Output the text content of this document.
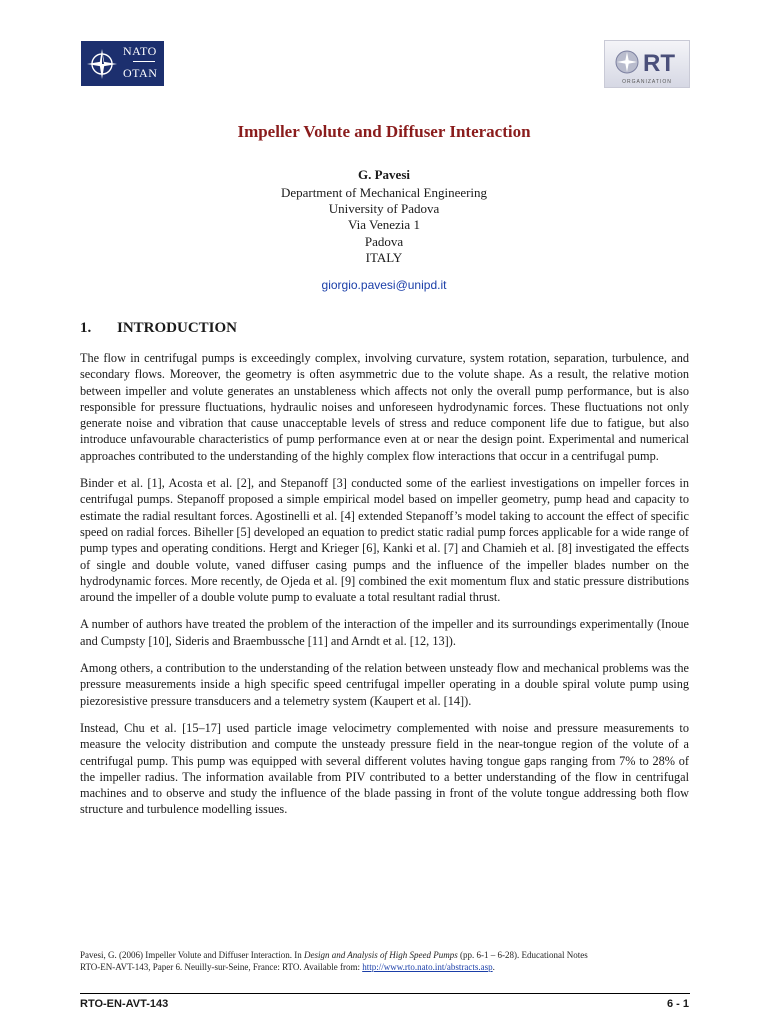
NATO
OTAN	RT
ORGANIZATION
Impeller Volute and Diffuser Interaction
G. Pavesi
Department of Mechanical Engineering
University of Padova
Via Venezia 1
Padova
ITALY
giorgio.pavesi@unipd.it
1. INTRODUCTION

The flow in centrifugal pumps is exceedingly complex, involving curvature, system rotation, separation, turbulence, and secondary flows. Moreover, the geometry is often asymmetric due to the volute shape. As a result, the relative motion between impeller and volute generates an unstableness which affects not only the overall pump performance, but is also responsible for pressure fluctuations, hydraulic noises and unforeseen hydrodynamic forces. These fluctuations not only generate noise and vibration that cause unacceptable levels of stress and reduce component life due to fatigue, but also introduce unfavourable characteristics of pump performance even at or near the design point. Experimental and numerical approaches contributed to the understanding of the highly complex flow interactions that occur in a centrifugal pump.

Binder et al. [1], Acosta et al. [2], and Stepanoff [3] conducted some of the earliest investigations on impeller forces in centrifugal pumps. Stepanoff proposed a simple empirical model based on impeller geometry, pump head and capacity to estimate the radial resultant forces. Agostinelli et al. [4] extended Stepanoff’s model taking to account the effect of specific speed on radial forces. Biheller [5] developed an equation to predict static radial pump forces applicable for a wide range of pump types and operating conditions. Hergt and Krieger [6], Kanki et al. [7] and Chamieh et al. [8] investigated the effects of single and double volute, vaned diffuser casing pumps and the influence of the impeller blades number on the hydrodynamic forces. More recently, de Ojeda et al. [9] combined the exit momentum flux and static pressure distributions around the impeller of a double volute pump to evaluate a total resultant radial thrust.

A number of authors have treated the problem of the interaction of the impeller and its surroundings experimentally (Inoue and Cumpsty [10], Sideris and Braembussche [11] and Arndt et al. [12, 13]).

Among others, a contribution to the understanding of the relation between unsteady flow and mechanical problems was the pressure measurements inside a high specific speed centrifugal impeller operating in a double spiral volute pump using piezoresistive pressure transducers and a telemetry system (Kaupert et al. [14]).

Instead, Chu et al. [15–17] used particle image velocimetry complemented with noise and pressure measurements to measure the velocity distribution and compute the unsteady pressure field in the near-tongue region of the volute of a centrifugal pump. This pump was equipped with several different volutes having tongue gaps ranging from 7% to 28% of the impeller radius. The information available from PIV contributed to a better understanding of the flow in centrifugal machines and to observe and study the influence of the blade passing in front of the volute tongue addressing both flow structure and turbulence modelling issues.

Pavesi, G. (2006) Impeller Volute and Diffuser Interaction. In Design and Analysis of High Speed Pumps (pp. 6-1 – 6-28). Educational Notes
RTO-EN-AVT-143, Paper 6. Neuilly-sur-Seine, France: RTO. Available from: http://www.rto.nato.int/abstracts.asp.
RTO-EN-AVT-143	6 - 1
